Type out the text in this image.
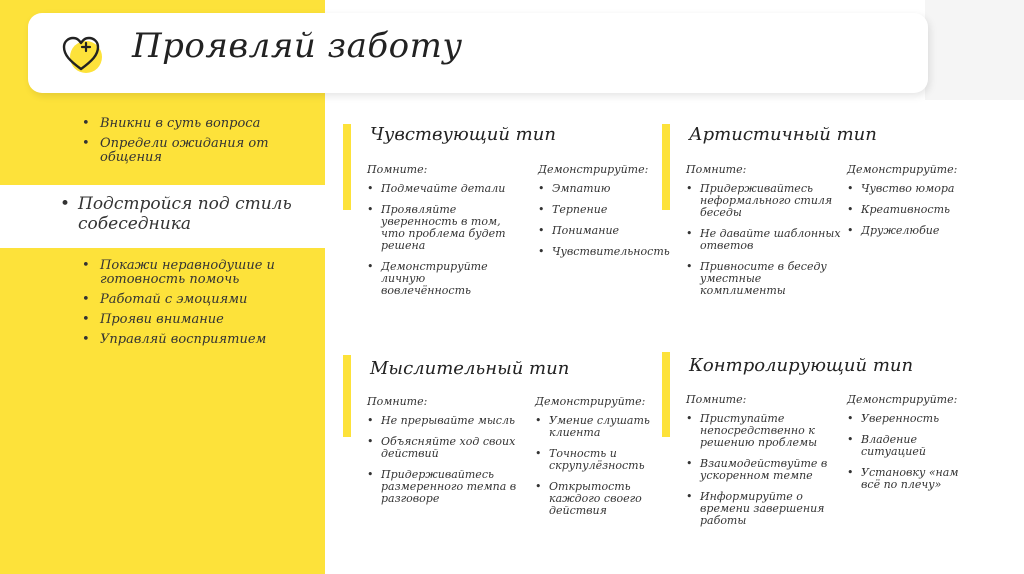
Проявляй заботу
• Вникни в суть вопроса
• Определи ожидания от общения
• Подстройся под стиль собеседника
• Покажи неравнодушие и готовность помочь
• Работай с эмоциями
• Прояви внимание
• Управляй восприятием
Чувствующий тип
Помните:
• Подмечайте детали
• Проявляйте уверенность в том, что проблема будет решена
• Демонстрируйте личную вовлечённость
Демонстрируйте:
• Эмпатию
• Терпение
• Понимание
• Чувствительность
Артистичный тип
Помните:
• Придерживайтесь неформального стиля беседы
• Не давайте шаблонных ответов
• Привносите в беседу уместные комплименты
Демонстрируйте:
• Чувство юмора
• Креативность
• Дружелюбие
Мыслительный тип
Помните:
• Не прерывайте мысль
• Объясняйте ход своих действий
• Придерживайтесь размеренного темпа в разговоре
Демонстрируйте:
• Умение слушать клиента
• Точность и скрупулёзность
• Открытость каждого своего действия
Контролирующий тип
Помните:
• Приступайте непосредственно к решению проблемы
• Взаимодействуйте в ускоренном темпе
• Информируйте о времени завершения работы
Демонстрируйте:
• Уверенность
• Владение ситуацией
• Установку «нам всё по плечу»
